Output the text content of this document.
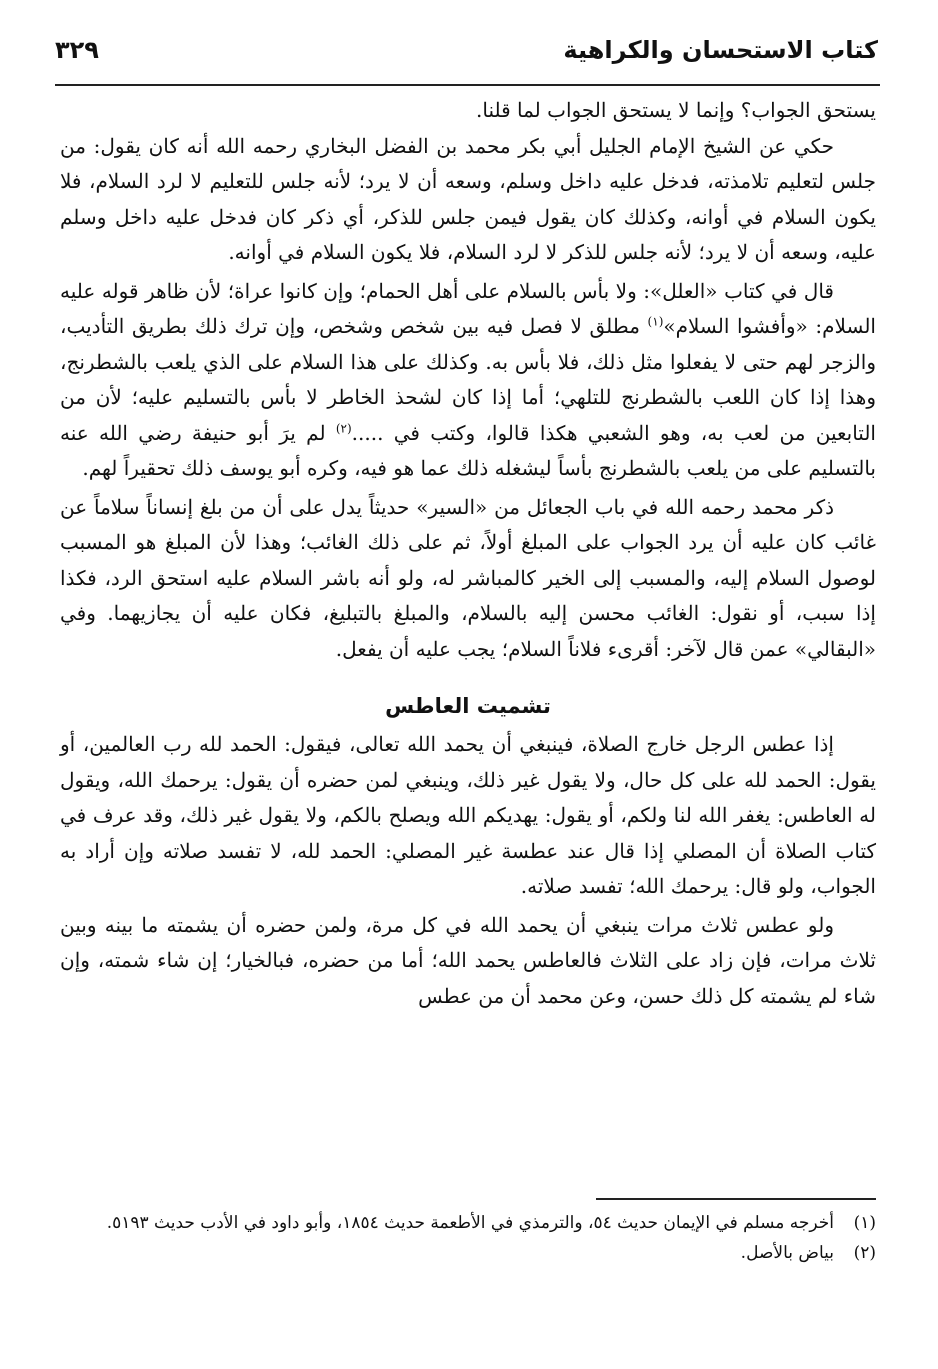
كتاب الاستحسان والكراهية
٣٢٩

يستحق الجواب؟ وإنما لا يستحق الجواب لما قلنا.

حكي عن الشيخ الإمام الجليل أبي بكر محمد بن الفضل البخاري رحمه الله أنه كان يقول: من جلس لتعليم تلامذته، فدخل عليه داخل وسلم، وسعه أن لا يرد؛ لأنه جلس للتعليم لا لرد السلام، فلا يكون السلام في أوانه، وكذلك كان يقول فيمن جلس للذكر، أي ذكر كان فدخل عليه داخل وسلم عليه، وسعه أن لا يرد؛ لأنه جلس للذكر لا لرد السلام، فلا يكون السلام في أوانه.

قال في كتاب «العلل»: ولا بأس بالسلام على أهل الحمام؛ وإن كانوا عراة؛ لأن ظاهر قوله عليه السلام: «وأفشوا السلام»$^{(١)}$ مطلق لا فصل فيه بين شخص وشخص، وإن ترك ذلك بطريق التأديب، والزجر لهم حتى لا يفعلوا مثل ذلك، فلا بأس به. وكذلك على هذا السلام على الذي يلعب بالشطرنج، وهذا إذا كان اللعب بالشطرنج للتلهي؛ أما إذا كان لشحذ الخاطر لا بأس بالتسليم عليه؛ لأن من التابعين من لعب به، وهو الشعبي هكذا قالوا، وكتب في .....$^{(٢)}$ لم يرَ أبو حنيفة رضي الله عنه بالتسليم على من يلعب بالشطرنج بأساً ليشغله ذلك عما هو فيه، وكره أبو يوسف ذلك تحقيراً لهم.

ذكر محمد رحمه الله في باب الجعائل من «السير» حديثاً يدل على أن من بلغ إنساناً سلاماً عن غائب كان عليه أن يرد الجواب على المبلغ أولاً، ثم على ذلك الغائب؛ وهذا لأن المبلغ هو المسبب لوصول السلام إليه، والمسبب إلى الخير كالمباشر له، ولو أنه باشر السلام عليه استحق الرد، فكذا إذا سبب، أو نقول: الغائب محسن إليه بالسلام، والمبلغ بالتبليغ، فكان عليه أن يجازيهما. وفي «البقالي» عمن قال لآخر: أقرىء فلاناً السلام؛ يجب عليه أن يفعل.

تشميت العاطس

إذا عطس الرجل خارج الصلاة، فينبغي أن يحمد الله تعالى، فيقول: الحمد لله رب العالمين، أو يقول: الحمد لله على كل حال، ولا يقول غير ذلك، وينبغي لمن حضره أن يقول: يرحمك الله، ويقول له العاطس: يغفر الله لنا ولكم، أو يقول: يهديكم الله ويصلح بالكم، ولا يقول غير ذلك، وقد عرف في كتاب الصلاة أن المصلي إذا قال عند عطسة غير المصلي: الحمد لله، لا تفسد صلاته وإن أراد به الجواب، ولو قال: يرحمك الله؛ تفسد صلاته.

ولو عطس ثلاث مرات ينبغي أن يحمد الله في كل مرة، ولمن حضره أن يشمته ما بينه وبين ثلاث مرات، فإن زاد على الثلاث فالعاطس يحمد الله؛ أما من حضره، فبالخيار؛ إن شاء شمته، وإن شاء لم يشمته كل ذلك حسن، وعن محمد أن من عطس

(١)
أخرجه مسلم في الإيمان حديث ٥٤، والترمذي في الأطعمة حديث ١٨٥٤، وأبو داود في الأدب حديث ٥١٩٣.
(٢)
بياض بالأصل.
